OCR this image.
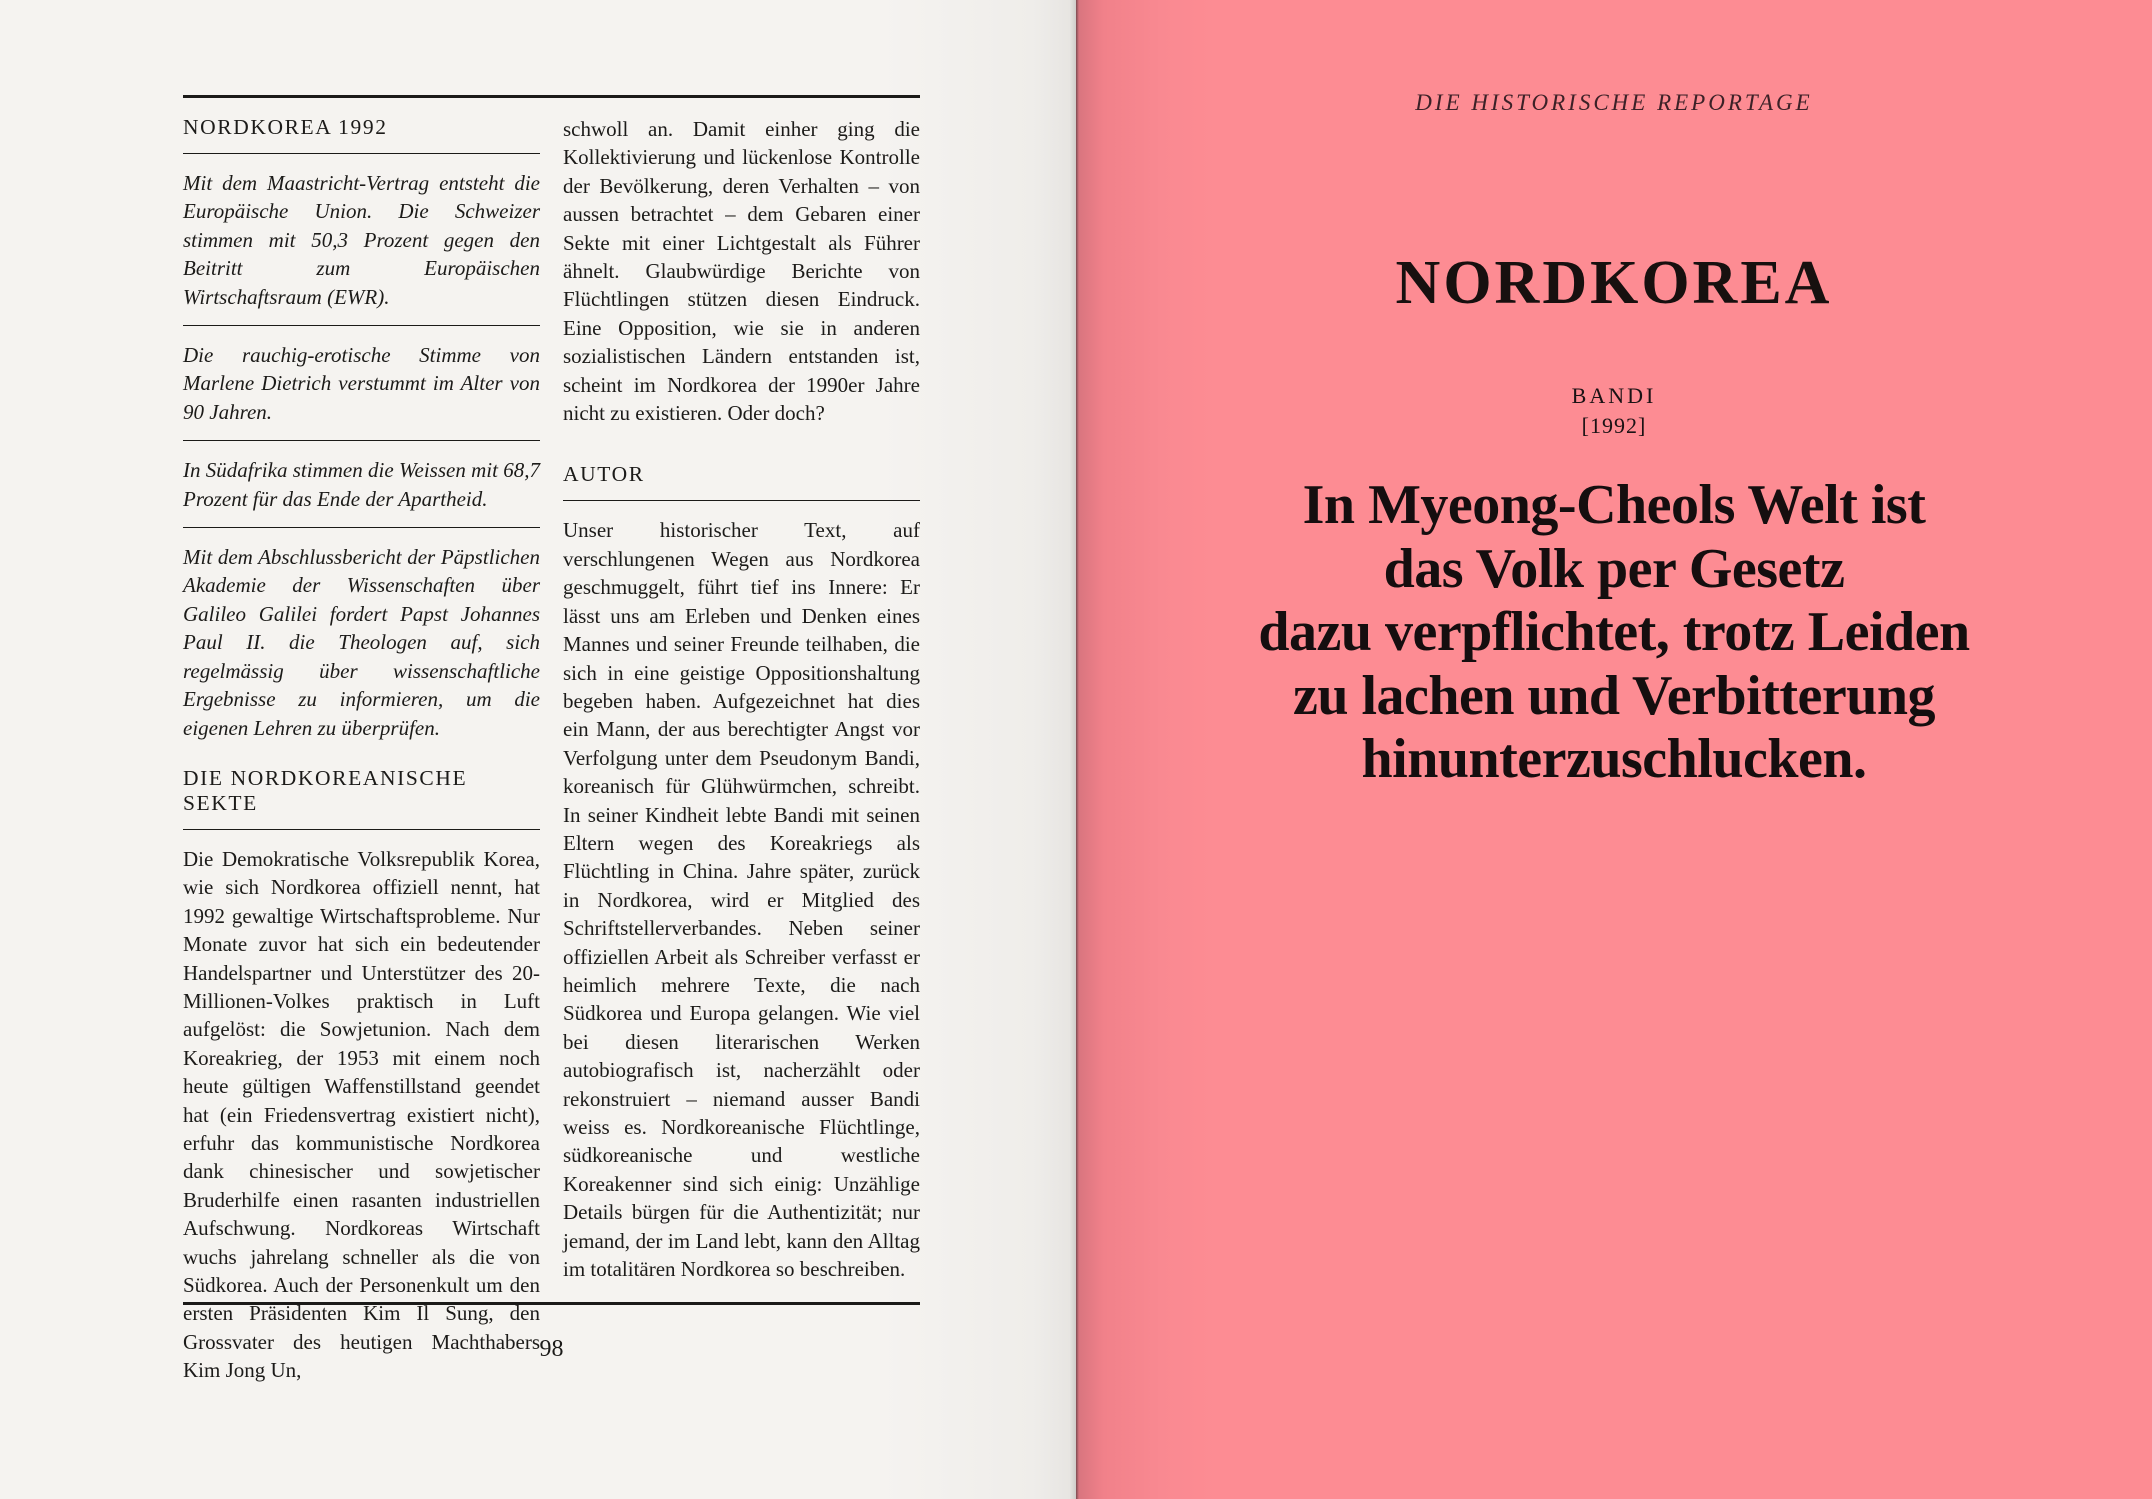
NORDKOREA 1992

Mit dem Maastricht-Vertrag entsteht die Europäische Union. Die Schweizer stimmen mit 50,3 Prozent gegen den Beitritt zum Europäischen Wirtschaftsraum (EWR).

Die rauchig-erotische Stimme von Marlene Dietrich verstummt im Alter von 90 Jahren.

In Südafrika stimmen die Weissen mit 68,7 Prozent für das Ende der Apartheid.

Mit dem Abschlussbericht der Päpstlichen Akademie der Wissenschaften über Galileo Galilei fordert Papst Johannes Paul II. die Theologen auf, sich regelmässig über wissenschaftliche Ergebnisse zu informieren, um die eigenen Lehren zu überprüfen.

DIE NORDKOREANISCHE SEKTE

Die Demokratische Volksrepublik Korea, wie sich Nordkorea offiziell nennt, hat 1992 gewaltige Wirtschaftsprobleme. Nur Monate zuvor hat sich ein bedeutender Handelspartner und Unterstützer des 20-Millionen-Volkes praktisch in Luft aufgelöst: die Sowjetunion. Nach dem Koreakrieg, der 1953 mit einem noch heute gültigen Waffenstillstand geendet hat (ein Friedensvertrag existiert nicht), erfuhr das kommunistische Nordkorea dank chinesischer und sowjetischer Bruderhilfe einen rasanten industriellen Aufschwung. Nordkoreas Wirtschaft wuchs jahrelang schneller als die von Südkorea. Auch der Personenkult um den ersten Präsidenten Kim Il Sung, den Grossvater des heutigen Machthabers Kim Jong Un,

schwoll an. Damit einher ging die Kollektivierung und lückenlose Kontrolle der Bevölkerung, deren Verhalten – von aussen betrachtet – dem Gebaren einer Sekte mit einer Lichtgestalt als Führer ähnelt. Glaubwürdige Berichte von Flüchtlingen stützen diesen Eindruck. Eine Opposition, wie sie in anderen sozialistischen Ländern entstanden ist, scheint im Nordkorea der 1990er Jahre nicht zu existieren. Oder doch?

AUTOR

Unser historischer Text, auf verschlungenen Wegen aus Nordkorea geschmuggelt, führt tief ins Innere: Er lässt uns am Erleben und Denken eines Mannes und seiner Freunde teilhaben, die sich in eine geistige Oppositionshaltung begeben haben. Aufgezeichnet hat dies ein Mann, der aus berechtigter Angst vor Verfolgung unter dem Pseudonym Bandi, koreanisch für Glühwürmchen, schreibt. In seiner Kindheit lebte Bandi mit seinen Eltern wegen des Koreakriegs als Flüchtling in China. Jahre später, zurück in Nordkorea, wird er Mitglied des Schriftstellerverbandes. Neben seiner offiziellen Arbeit als Schreiber verfasst er heimlich mehrere Texte, die nach Südkorea und Europa gelangen. Wie viel bei diesen literarischen Werken autobiografisch ist, nacherzählt oder rekonstruiert – niemand ausser Bandi weiss es. Nordkoreanische Flüchtlinge, südkoreanische und westliche Koreakenner sind sich einig: Unzählige Details bürgen für die Authentizität; nur jemand, der im Land lebt, kann den Alltag im totalitären Nordkorea so beschreiben.

98
DIE HISTORISCHE REPORTAGE
NORDKOREA
BANDI
[1992]

In Myeong-Cheols Welt ist
das Volk per Gesetz
dazu verpflichtet, trotz Leiden
zu lachen und Verbitterung
hinunterzuschlucken.
